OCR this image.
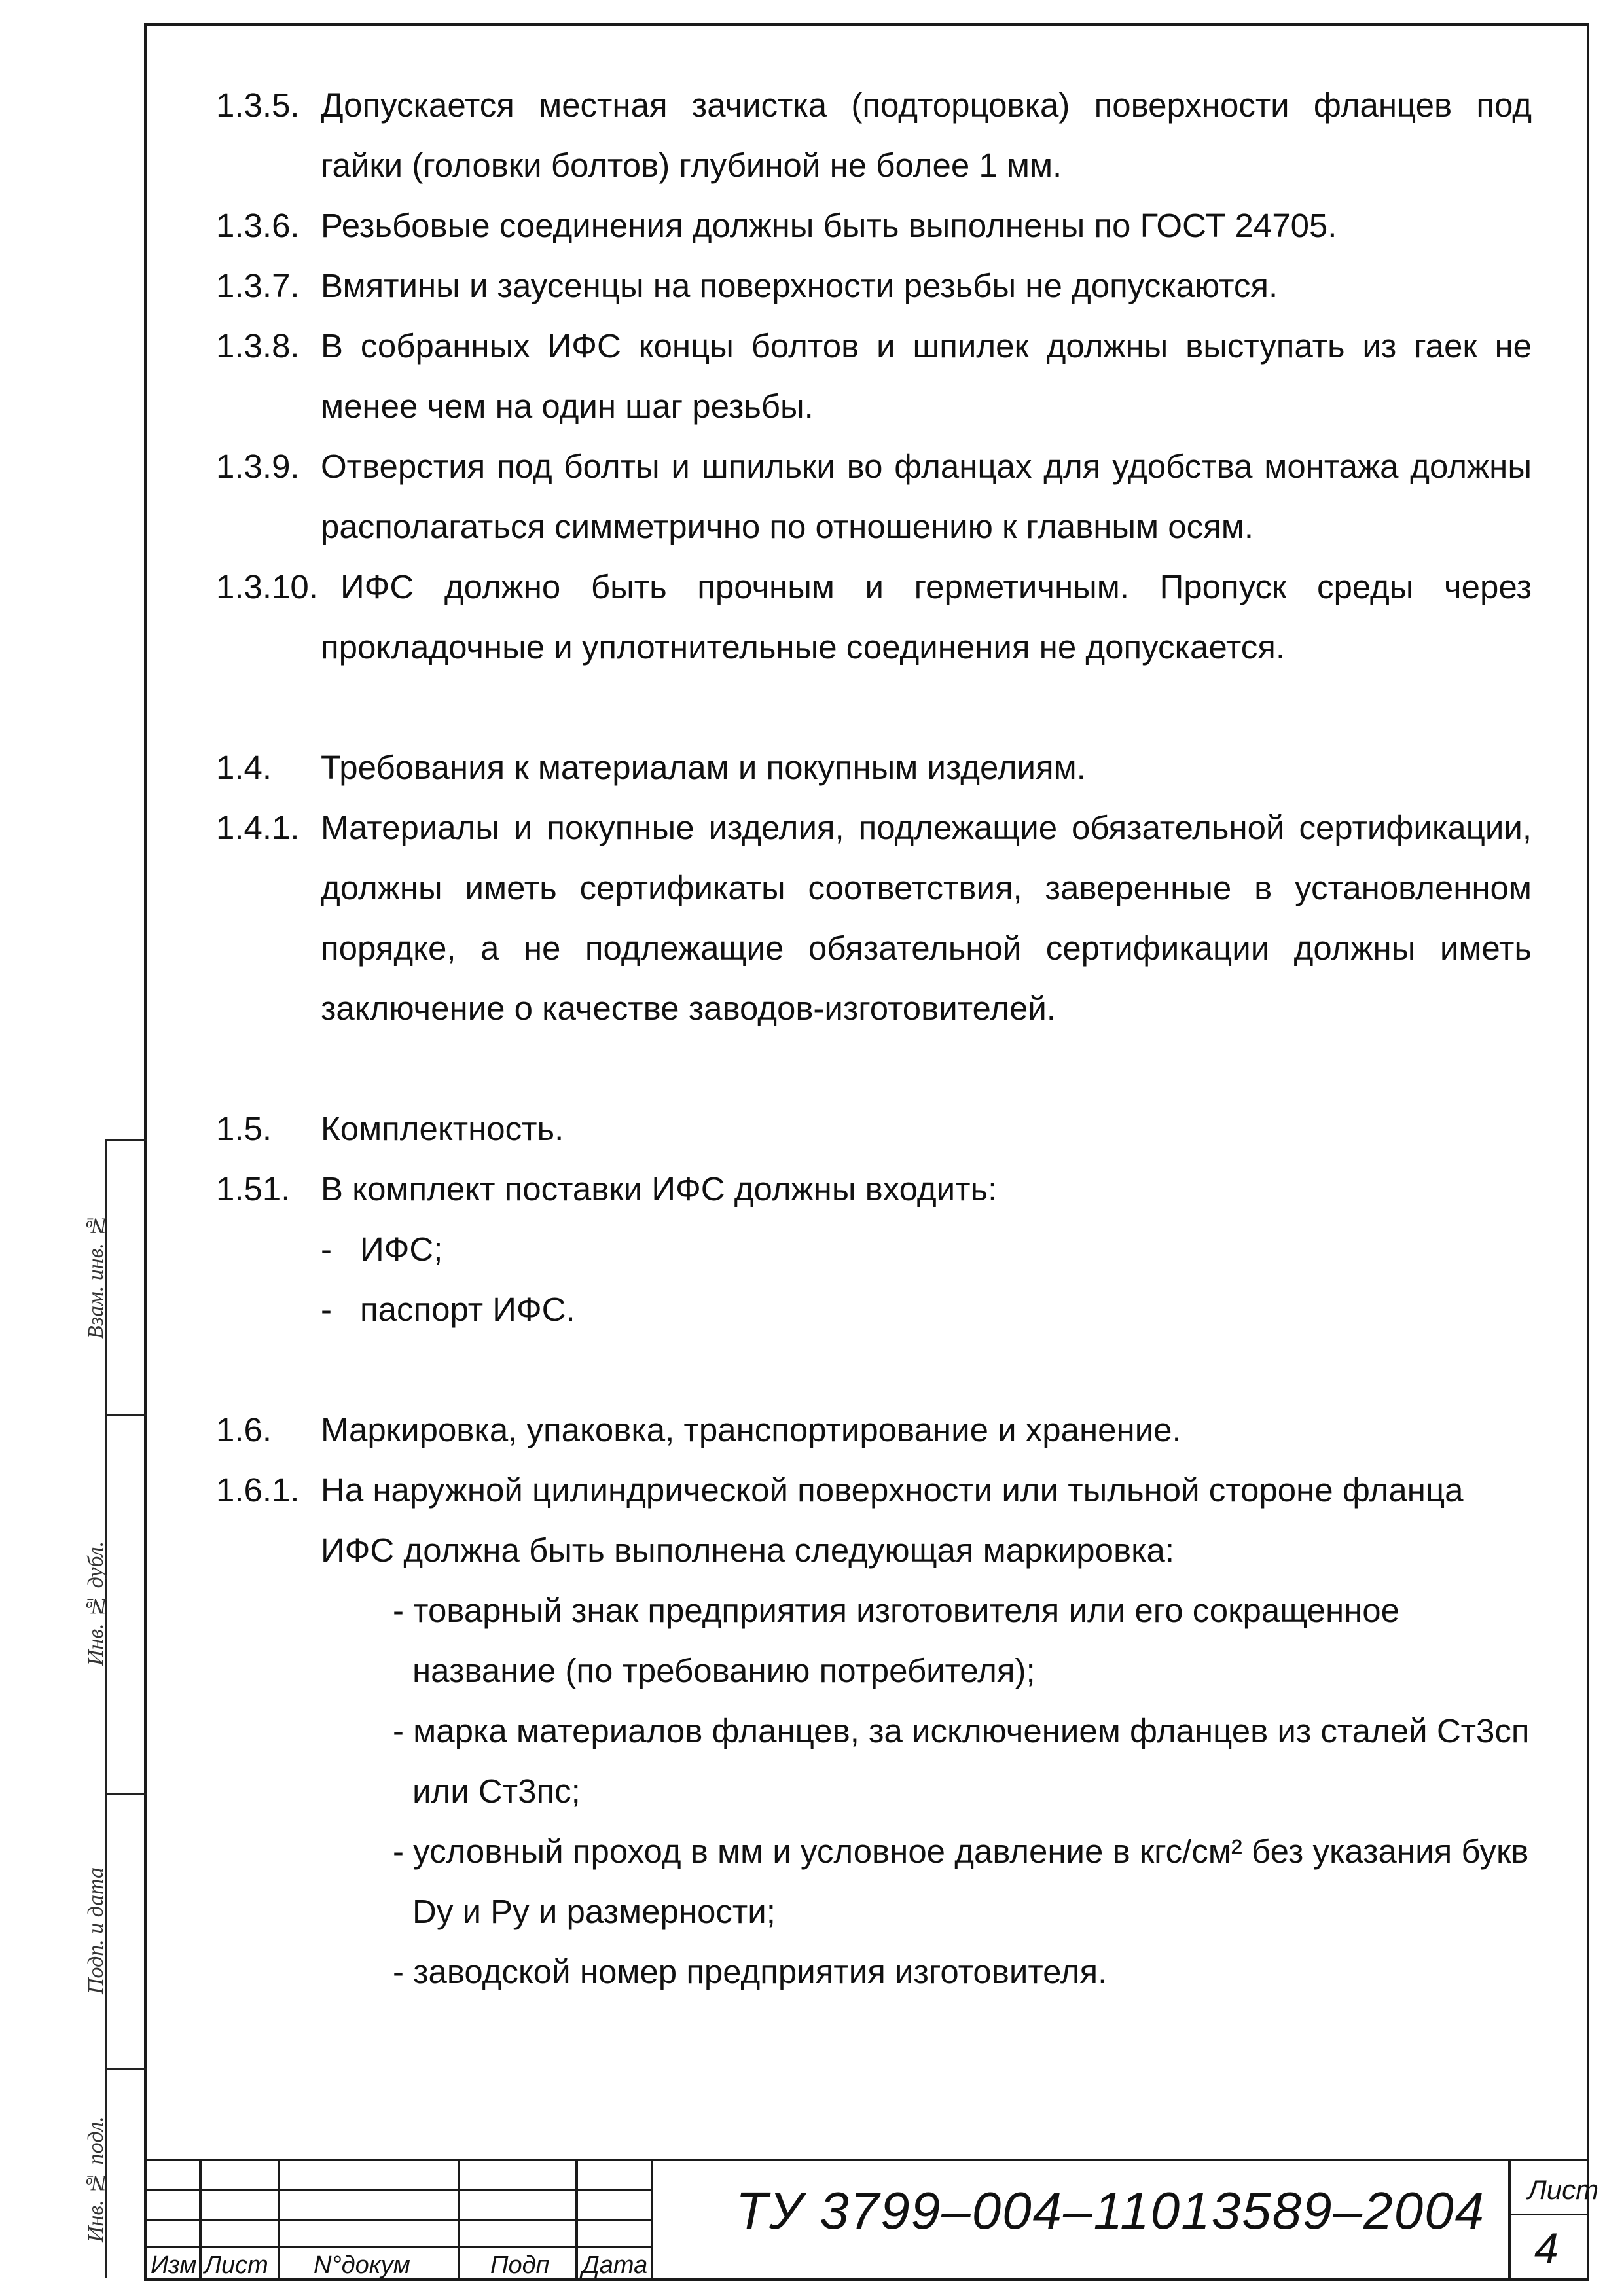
1.3.5. Допускается местная зачистка (подторцовка) поверхности фланцев под гайки (головки болтов) глубиной не более 1 мм.
1.3.6. Резьбовые соединения должны быть выполнены по ГОСТ 24705.
1.3.7. Вмятины и заусенцы на поверхности резьбы не допускаются.
1.3.8. В собранных ИФС концы болтов и шпилек должны выступать из гаек не менее чем на один шаг резьбы.
1.3.9. Отверстия под болты и шпильки во фланцах для удобства монтажа должны располагаться симметрично по отношению к главным осям.
1.3.10. ИФС должно быть прочным и герметичным. Пропуск среды через прокладочные и уплотнительные соединения не допускается.
1.4.	Требования к материалам и покупным изделиям.
1.4.1. Материалы и покупные изделия, подлежащие обязательной сертификации, должны иметь сертификаты соответствия, заверенные в установленном порядке, а не подлежащие обязательной сертификации должны иметь заключение о качестве заводов-изготовителей.
1.5.	Комплектность.
1.51. В комплект поставки ИФС должны входить:
- ИФС;
- паспорт ИФС.
1.6.	Маркировка, упаковка, транспортирование и хранение.
1.6.1. На наружной цилиндрической поверхности или тыльной стороне фланца ИФС должна быть выполнена следующая маркировка:
- товарный знак предприятия изготовителя или его сокращенное название (по требованию потребителя);
- марка материалов фланцев, за исключением фланцев из сталей Ст3сп или Ст3пс;
- условный проход в мм и условное давление в кгс/см² без указания букв Dy и Py и размерности;
- заводской номер предприятия изготовителя.
Взам. инв. №
Инв. № дубл.
Подп. и дата
Инв. № подл.
Изм Лист N°докум	Подп Дата
ТУ 3799–004–11013589–2004	Лист
4
